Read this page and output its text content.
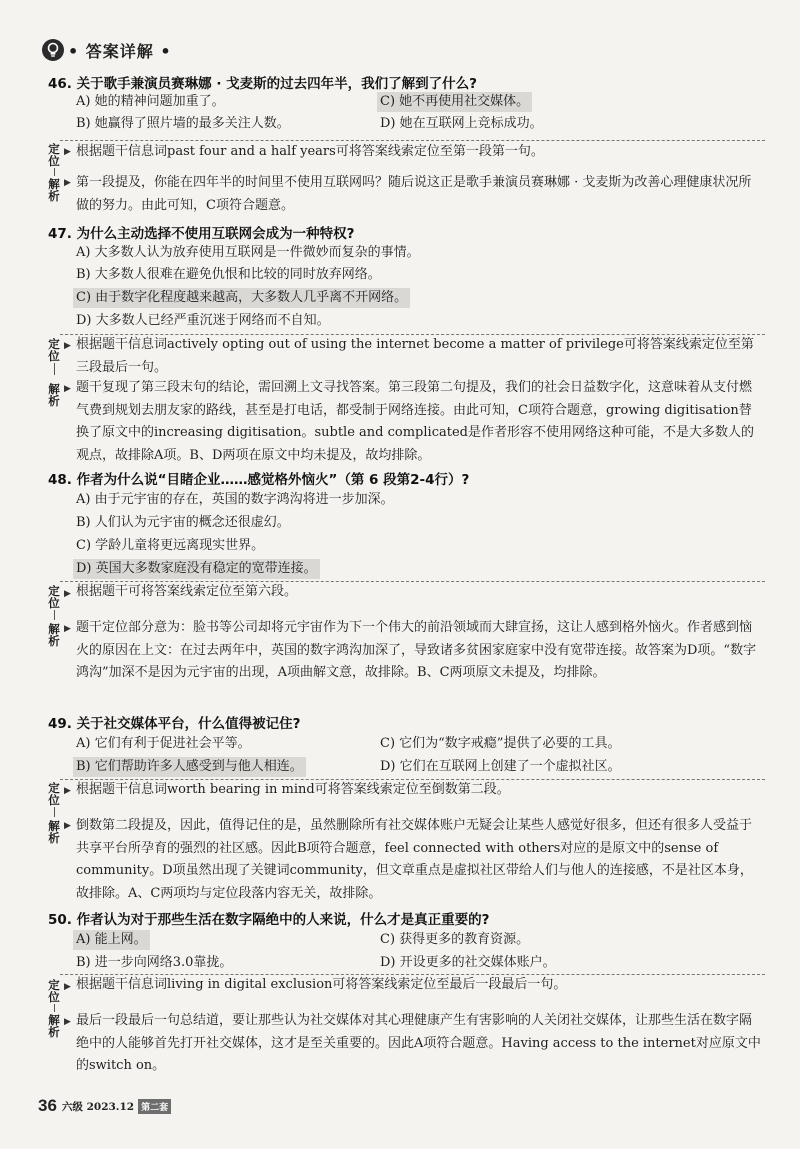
• 答案详解 •
46. 关于歌手兼演员赛琳娜 · 戈麦斯的过去四年半，我们了解到了什么?
A) 她的精神问题加重了。	C) 她不再使用社交媒体。
B) 她赢得了照片墙的最多关注人数。	D) 她在互联网上竞标成功。
定位
▶ 根据题干信息词past four and a half years可将答案线索定位至第一段第一句。
解析
▶ 第一段提及，你能在四年半的时间里不使用互联网吗？随后说这正是歌手兼演员赛琳娜 · 戈麦斯为改善心理健康状况所做的努力。由此可知，C项符合题意。
47. 为什么主动选择不使用互联网会成为一种特权?
A) 大多数人认为放弃使用互联网是一件微妙而复杂的事情。
B) 大多数人很难在避免仇恨和比较的同时放弃网络。
C) 由于数字化程度越来越高，大多数人几乎离不开网络。
D) 大多数人已经严重沉迷于网络而不自知。
定位
▶ 根据题干信息词actively opting out of using the internet become a matter of privilege可将答案线索定位至第三段最后一句。
解析
▶ 题干复现了第三段末句的结论，需回溯上文寻找答案。第三段第二句提及，我们的社会日益数字化，这意味着从支付燃气费到规划去朋友家的路线，甚至是打电话，都受制于网络连接。由此可知，C项符合题意，growing digitisation替换了原文中的increasing digitisation。subtle and complicated是作者形容不使用网络这种可能，不是大多数人的观点，故排除A项。B、D两项在原文中均未提及，故均排除。
48. 作者为什么说“目睹企业……感觉格外恼火”（第 6 段第2-4行）?
A) 由于元宇宙的存在，英国的数字鸿沟将进一步加深。
B) 人们认为元宇宙的概念还很虚幻。
C) 学龄儿童将更远离现实世界。
D) 英国大多数家庭没有稳定的宽带连接。
定位
▶ 根据题干可将答案线索定位至第六段。
解析
▶ 题干定位部分意为：脸书等公司却将元宇宙作为下一个伟大的前沿领域而大肆宣扬，这让人感到格外恼火。作者感到恼火的原因在上文：在过去两年中，英国的数字鸿沟加深了，导致诸多贫困家庭家中没有宽带连接。故答案为D项。“数字鸿沟”加深不是因为元宇宙的出现，A项曲解文意，故排除。B、C两项原文未提及，均排除。
49. 关于社交媒体平台，什么值得被记住?
A) 它们有利于促进社会平等。	C) 它们为“数字戒瘾”提供了必要的工具。
B) 它们帮助许多人感受到与他人相连。	D) 它们在互联网上创建了一个虚拟社区。
定位
▶ 根据题干信息词worth bearing in mind可将答案线索定位至倒数第二段。
解析
▶ 倒数第二段提及，因此，值得记住的是，虽然删除所有社交媒体账户无疑会让某些人感觉好很多，但还有很多人受益于共享平台所孕育的强烈的社区感。因此B项符合题意，feel connected with others对应的是原文中的sense of community。D项虽然出现了关键词community，但文章重点是虚拟社区带给人们与他人的连接感，不是社区本身，故排除。A、C两项均与定位段落内容无关，故排除。
50. 作者认为对于那些生活在数字隔绝中的人来说，什么才是真正重要的?
A) 能上网。	C) 获得更多的教育资源。
B) 进一步向网络3.0靠拢。	D) 开设更多的社交媒体账户。
定位
▶ 根据题干信息词living in digital exclusion可将答案线索定位至最后一段最后一句。
解析
▶ 最后一段最后一句总结道，要让那些认为社交媒体对其心理健康产生有害影响的人关闭社交媒体，让那些生活在数字隔绝中的人能够首先打开社交媒体，这才是至关重要的。因此A项符合题意。Having access to the internet对应原文中的switch on。
36 六级 2023.12 第二套
